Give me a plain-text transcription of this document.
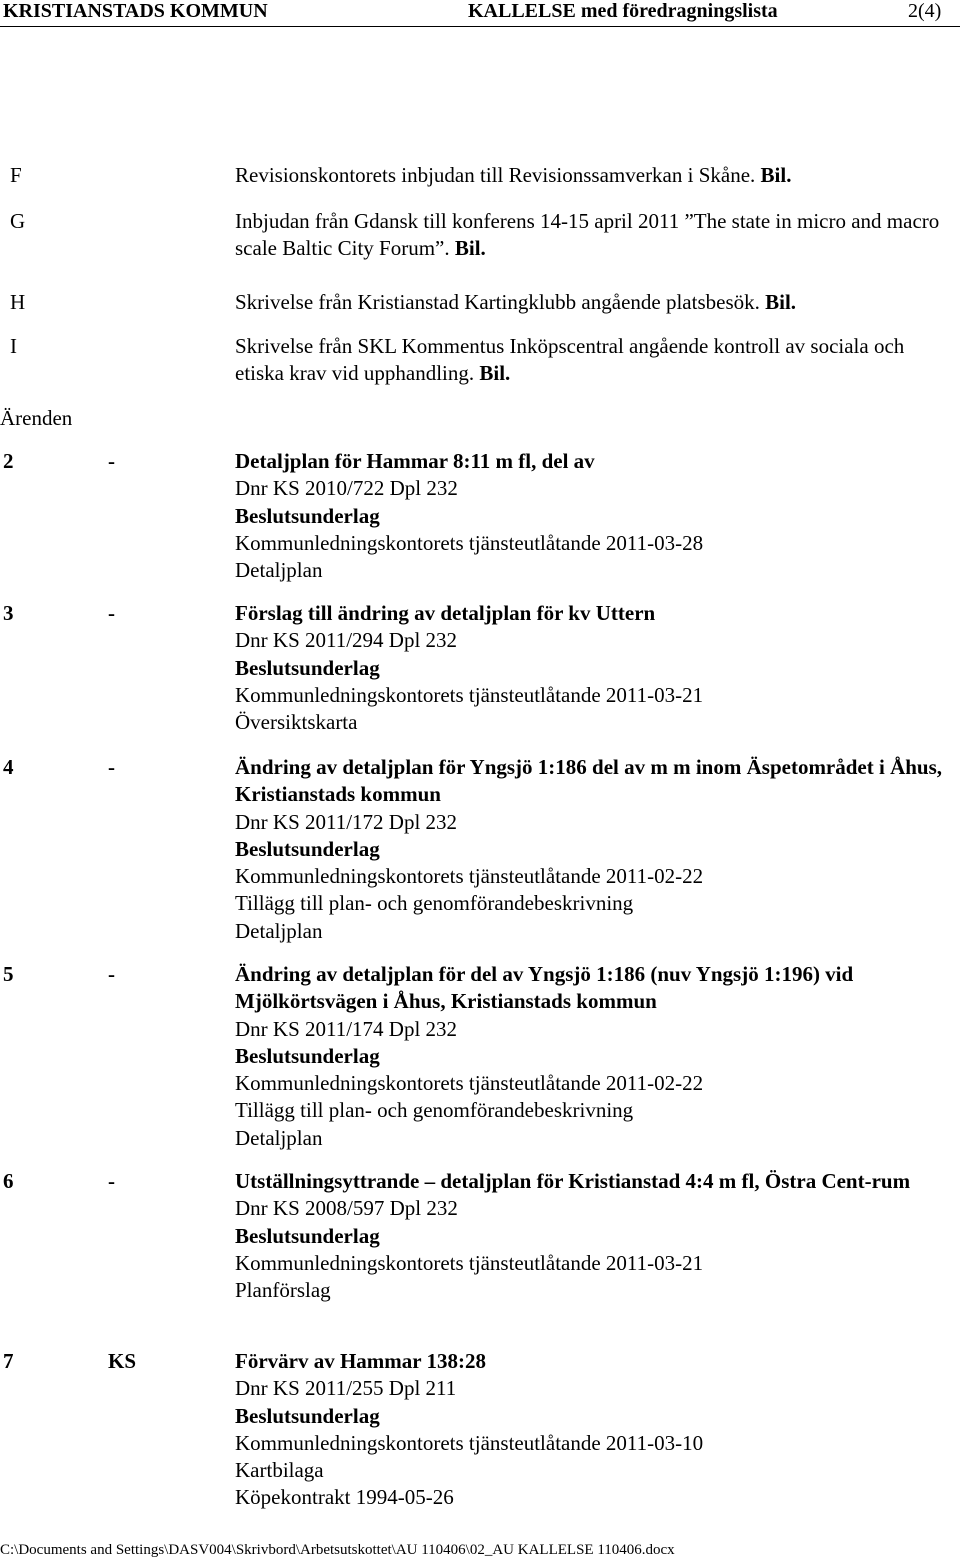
KRISTIANSTADS KOMMUN	KALLELSE med föredragningslista	2(4)
F	Revisionskontorets inbjudan till Revisionssamverkan i Skåne. Bil.
G	Inbjudan från Gdansk till konferens 14-15 april 2011 ”The state in micro and macro scale Baltic City Forum”. Bil.
H	Skrivelse från Kristianstad Kartingklubb angående platsbesök. Bil.
I	Skrivelse från SKL Kommentus Inköpscentral angående kontroll av sociala och etiska krav vid upphandling. Bil.
Ärenden
2	-	Detaljplan för Hammar 8:11 m fl, del av
Dnr KS 2010/722 Dpl 232
Beslutsunderlag
Kommunledningskontorets tjänsteutlåtande 2011-03-28
Detaljplan
3	-	Förslag till ändring av detaljplan för kv Uttern
Dnr KS 2011/294 Dpl 232
Beslutsunderlag
Kommunledningskontorets tjänsteutlåtande 2011-03-21
Översiktskarta
4	-	Ändring av detaljplan för Yngsjö 1:186 del av m m inom Äspetområdet i Åhus, Kristianstads kommun
Dnr KS 2011/172 Dpl 232
Beslutsunderlag
Kommunledningskontorets tjänsteutlåtande 2011-02-22
Tillägg till plan- och genomförandebeskrivning
Detaljplan
5	-	Ändring av detaljplan för del av Yngsjö 1:186 (nuv Yngsjö 1:196) vid Mjölkörtsvägen i Åhus, Kristianstads kommun
Dnr KS 2011/174 Dpl 232
Beslutsunderlag
Kommunledningskontorets tjänsteutlåtande 2011-02-22
Tillägg till plan- och genomförandebeskrivning
Detaljplan
6	-	Utställningsyttrande – detaljplan för Kristianstad 4:4 m fl, Östra Cent-rum
Dnr KS 2008/597 Dpl 232
Beslutsunderlag
Kommunledningskontorets tjänsteutlåtande 2011-03-21
Planförslag
7	KS	Förvärv av Hammar 138:28
Dnr KS 2011/255 Dpl 211
Beslutsunderlag
Kommunledningskontorets tjänsteutlåtande 2011-03-10
Kartbilaga
Köpekontrakt 1994-05-26
C:\Documents and Settings\DASV004\Skrivbord\Arbetsutskottet\AU 110406\02_AU KALLELSE 110406.docx
